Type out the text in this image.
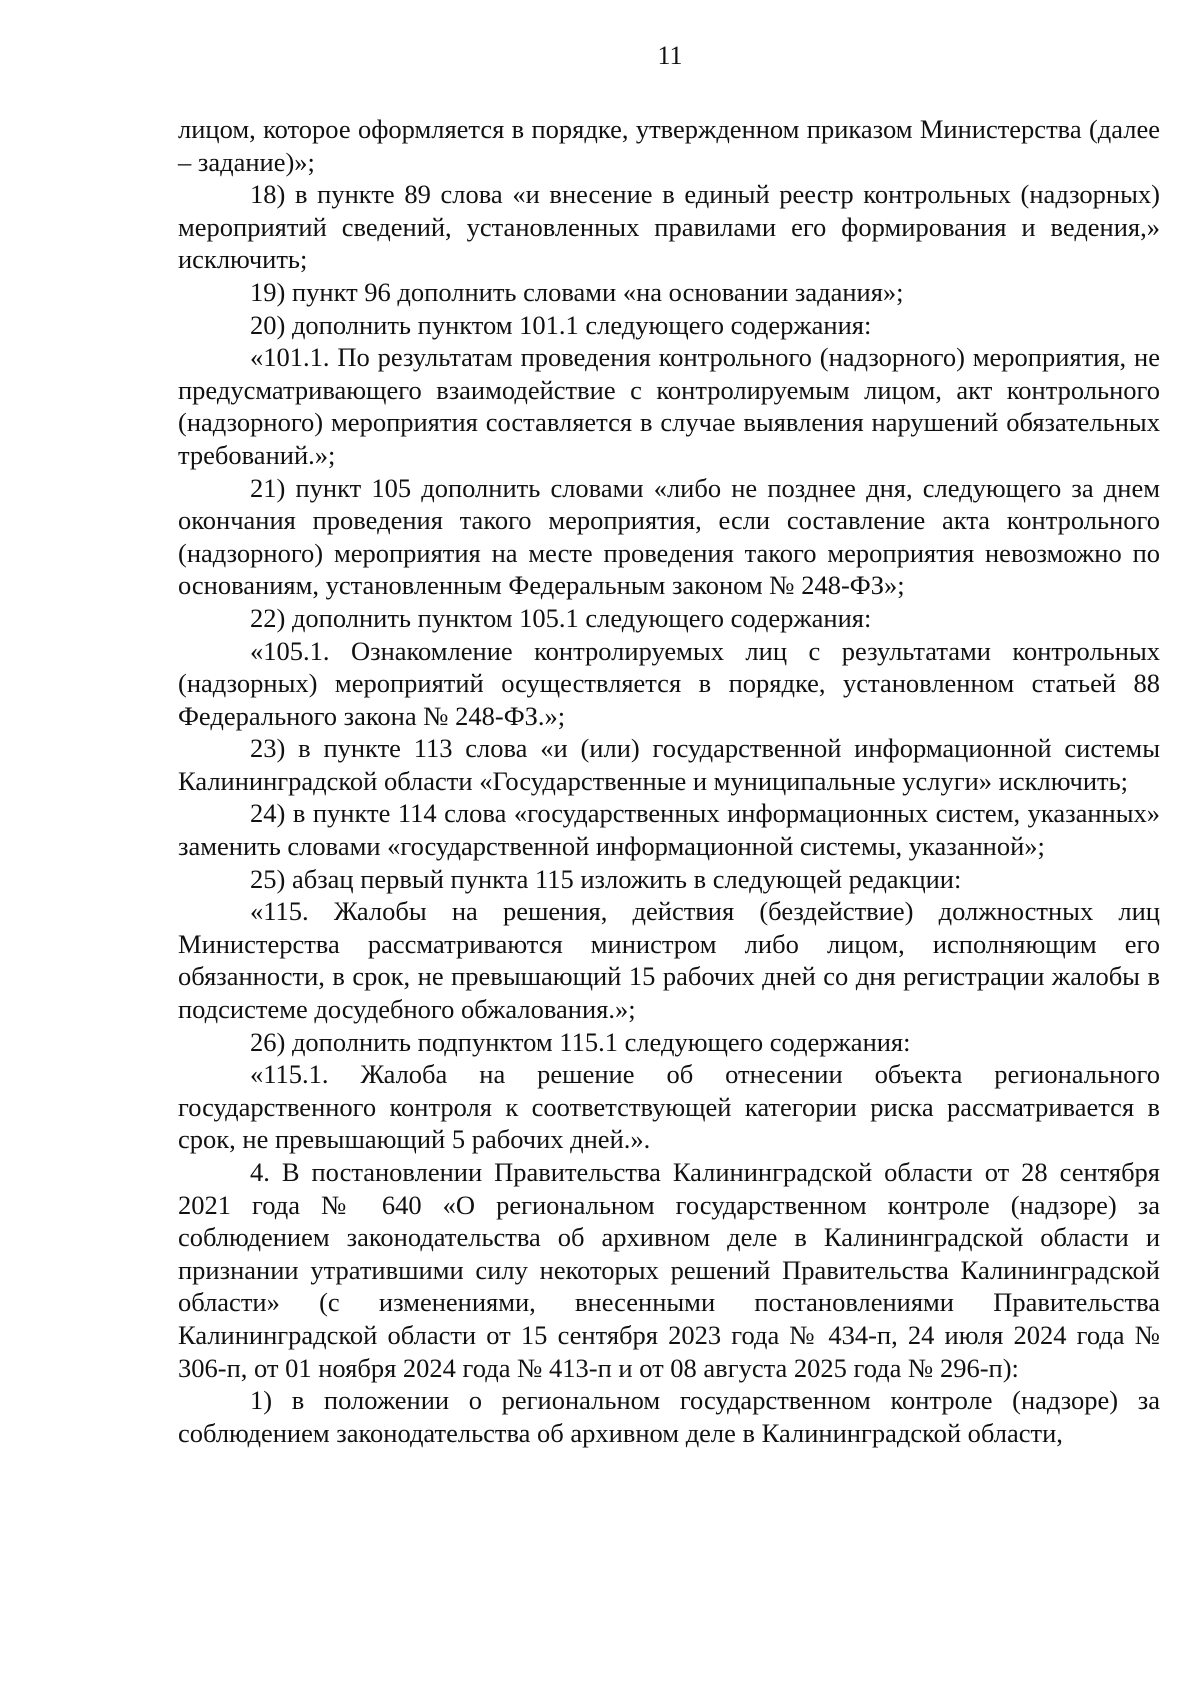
11

лицом, которое оформляется в порядке, утвержденном приказом Министерства (далее – задание)»;

18) в пункте 89 слова «и внесение в единый реестр контрольных (надзорных) мероприятий сведений, установленных правилами его формирования и ведения,» исключить;

19) пункт 96 дополнить словами «на основании задания»;

20) дополнить пунктом 101.1 следующего содержания:

«101.1. По результатам проведения контрольного (надзорного) мероприятия, не предусматривающего взаимодействие с контролируемым лицом, акт контрольного (надзорного) мероприятия составляется в случае выявления нарушений обязательных требований.»;

21) пункт 105 дополнить словами «либо не позднее дня, следующего за днем окончания проведения такого мероприятия, если составление акта контрольного (надзорного) мероприятия на месте проведения такого мероприятия невозможно по основаниям, установленным Федеральным законом № 248-ФЗ»;

22) дополнить пунктом 105.1 следующего содержания:

«105.1. Ознакомление контролируемых лиц с результатами контрольных (надзорных) мероприятий осуществляется в порядке, установленном статьей 88 Федерального закона № 248-ФЗ.»;

23) в пункте 113 слова «и (или) государственной информационной системы Калининградской области «Государственные и муниципальные услуги» исключить;

24) в пункте 114 слова «государственных информационных систем, указанных» заменить словами «государственной информационной системы, указанной»;

25) абзац первый пункта 115 изложить в следующей редакции:

«115. Жалобы на решения, действия (бездействие) должностных лиц Министерства рассматриваются министром либо лицом, исполняющим его обязанности, в срок, не превышающий 15 рабочих дней со дня регистрации жалобы в подсистеме досудебного обжалования.»;

26) дополнить подпунктом 115.1 следующего содержания:

«115.1. Жалоба на решение об отнесении объекта регионального государственного контроля к соответствующей категории риска рассматривается в срок, не превышающий 5 рабочих дней.».

4. В постановлении Правительства Калининградской области от 28 сентября 2021 года № 640 «О региональном государственном контроле (надзоре) за соблюдением законодательства об архивном деле в Калининградской области и признании утратившими силу некоторых решений Правительства Калининградской области» (с изменениями, внесенными постановлениями Правительства Калининградской области от 15 сентября 2023 года № 434-п, 24 июля 2024 года № 306-п, от 01 ноября 2024 года № 413-п и от 08 августа 2025 года № 296-п):

1) в положении о региональном государственном контроле (надзоре) за соблюдением законодательства об архивном деле в Калининградской области,
